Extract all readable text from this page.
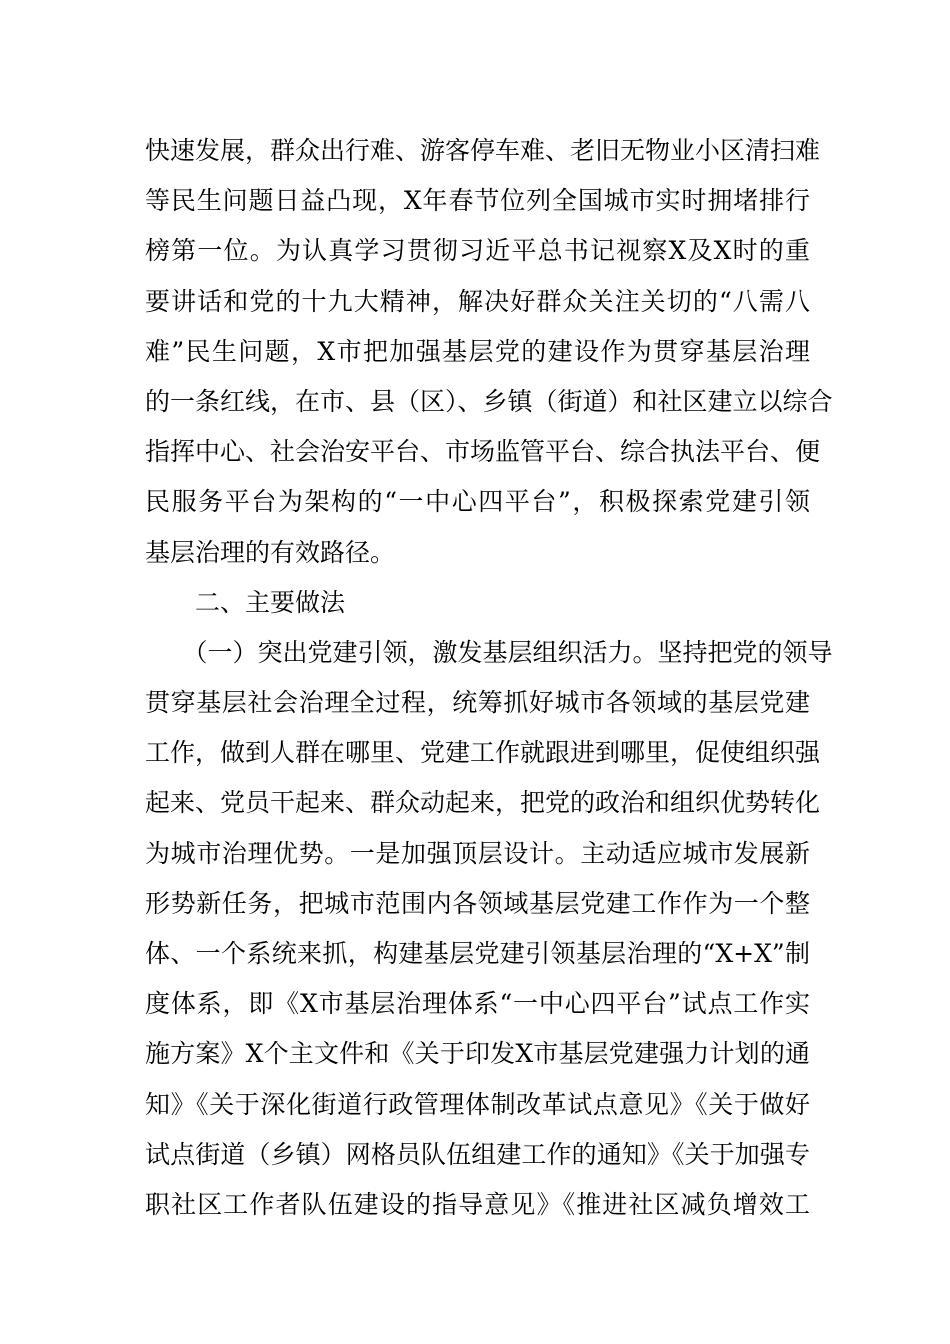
快速发展，群众出行难、游客停车难、老旧无物业小区清扫难
等民生问题日益凸现，X年春节位列全国城市实时拥堵排行
榜第一位。为认真学习贯彻习近平总书记视察X及X时的重
要讲话和党的十九大精神，解决好群众关注关切的“八需八
难”民生问题，X市把加强基层党的建设作为贯穿基层治理
的一条红线，在市、县（区）、乡镇（街道）和社区建立以综合
指挥中心、社会治安平台、市场监管平台、综合执法平台、便
民服务平台为架构的“一中心四平台”，积极探索党建引领
基层治理的有效路径。
　　二、主要做法
　　（一）突出党建引领，激发基层组织活力。坚持把党的领导
贯穿基层社会治理全过程，统筹抓好城市各领域的基层党建
工作，做到人群在哪里、党建工作就跟进到哪里，促使组织强
起来、党员干起来、群众动起来，把党的政治和组织优势转化
为城市治理优势。一是加强顶层设计。主动适应城市发展新
形势新任务，把城市范围内各领域基层党建工作作为一个整
体、一个系统来抓，构建基层党建引领基层治理的“X+X”制
度体系，即《X市基层治理体系“一中心四平台”试点工作实
施方案》X个主文件和《关于印发X市基层党建强力计划的通
知》《关于深化街道行政管理体制改革试点意见》《关于做好
试点街道（乡镇）网格员队伍组建工作的通知》《关于加强专
职社区工作者队伍建设的指导意见》《推进社区减负增效工
